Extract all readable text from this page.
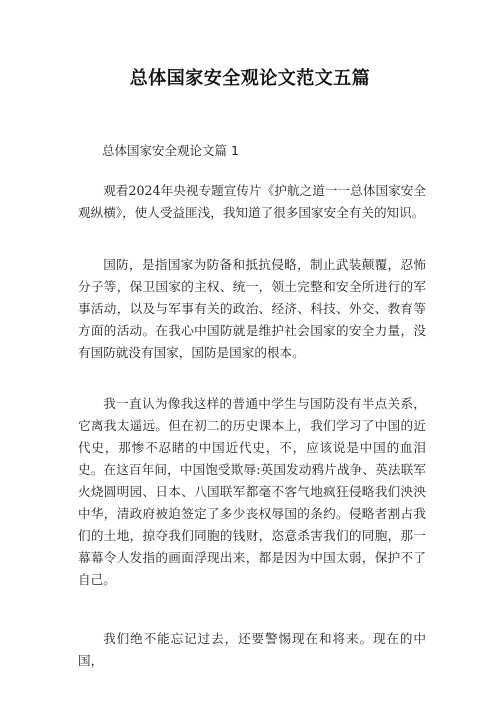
总体国家安全观论文范文五篇
总体国家安全观论文篇 1

观看2024年央视专题宣传片《护航之道一一总体国家安全观纵横》，使人受益匪浅，我知道了很多国家安全有关的知识。

国防，是指国家为防备和抵抗侵略，制止武装颠覆，忍怖分子等，保卫国家的主权、统一，领土完整和安全所进行的军事活动，以及与军事有关的政治、经济、科技、外交、教育等方面的活动。在我心中国防就是维护社会国家的安全力量，没有国防就没有国家，国防是国家的根本。

我一直认为像我这样的普通中学生与国防没有半点关系，它离我太遥远。但在初二的历史课本上，我们学习了中国的近代史，那惨不忍睹的中国近代史，不，应该说是中国的血泪史。在这百年间，中国饱受欺辱:英国发动鸦片战争、英法联军火烧圆明园、日本、八国联军都毫不客气地疯狂侵略我们泱泱中华，清政府被迫签定了多少丧权辱国的条约。侵略者割占我们的土地，掠夺我们同胞的钱财，恣意杀害我们的同胞，那一幕幕令人发指的画面浮现出来，都是因为中国太弱，保护不了自己。

我们绝不能忘记过去，还要警惕现在和将来。现在的中国，
